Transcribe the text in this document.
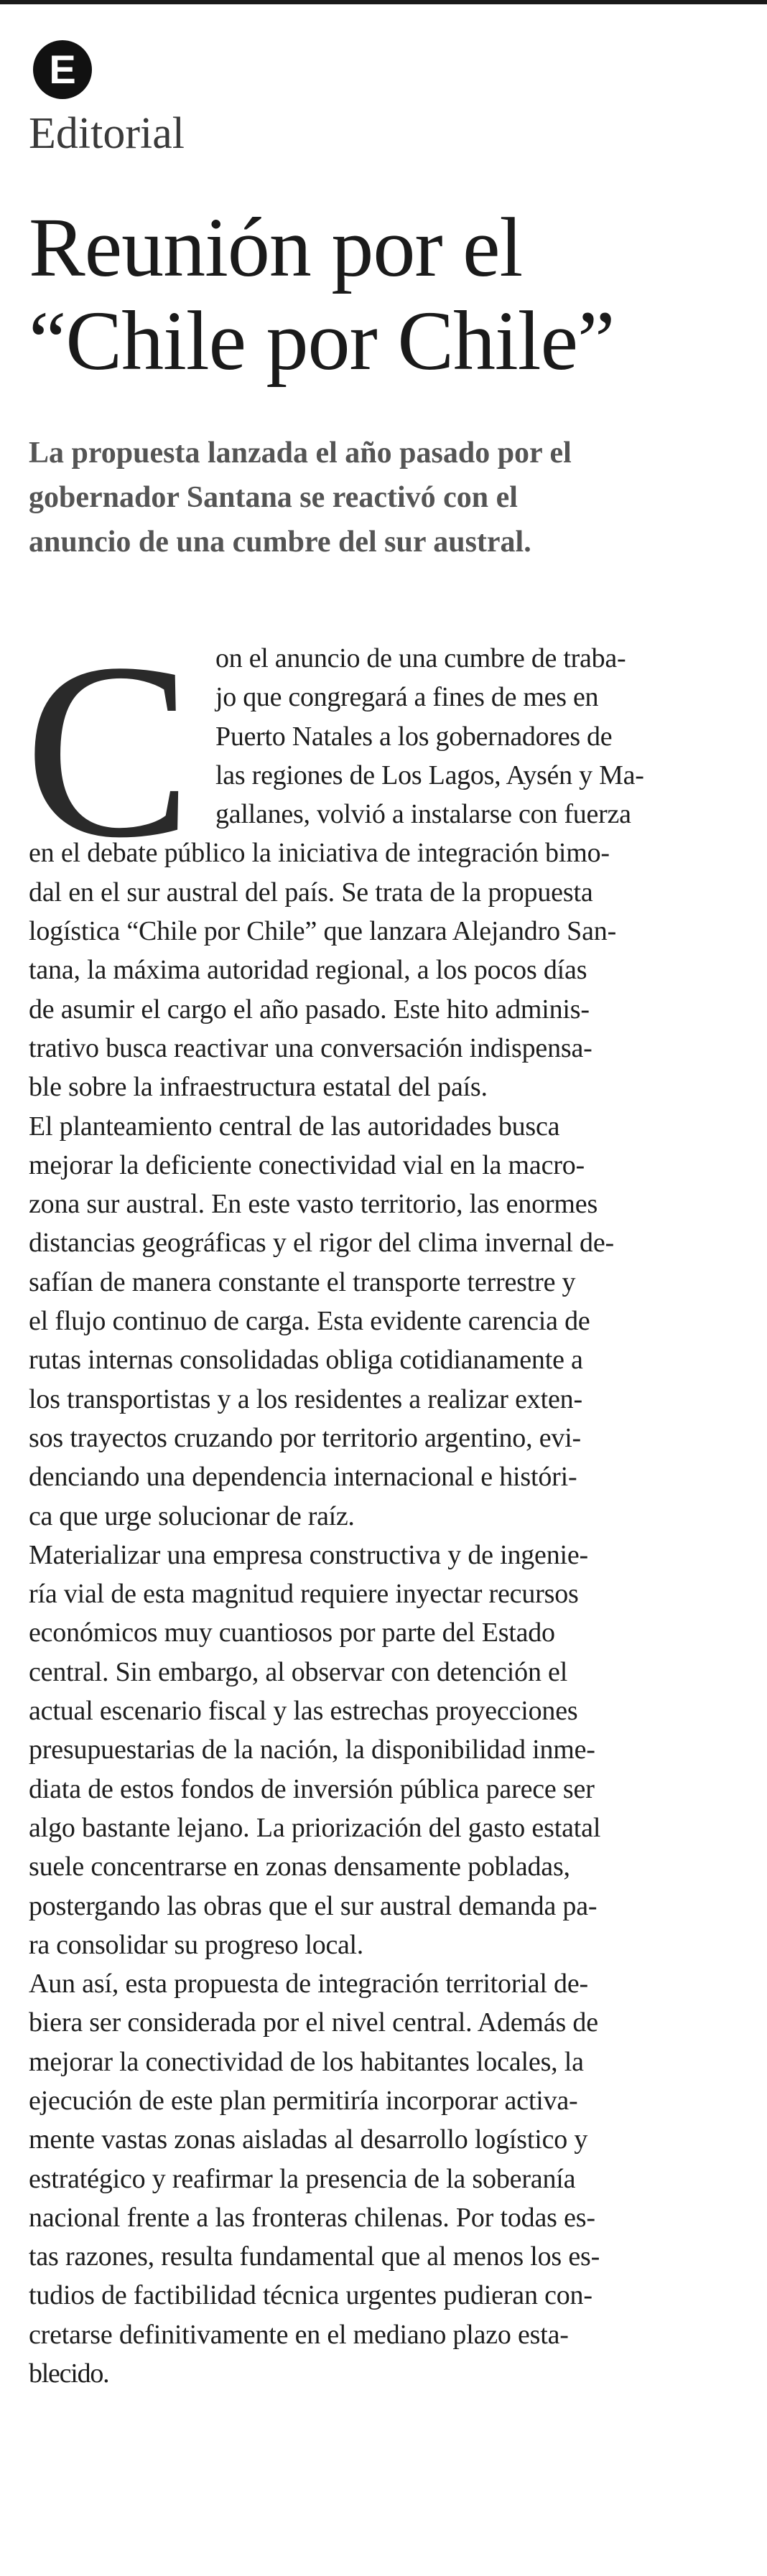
E
Editorial
Reunión por el
“Chile por Chile”
La propuesta lanzada el año pasado por el
gobernador Santana se reactivó con el
anuncio de una cumbre del sur austral.
C on el anuncio de una cumbre de traba-
jo que congregará a fines de mes en
Puerto Natales a los gobernadores de
las regiones de Los Lagos, Aysén y Ma-
gallanes, volvió a instalarse con fuerza
en el debate público la iniciativa de integración bimo-
dal en el sur austral del país. Se trata de la propuesta
logística “Chile por Chile” que lanzara Alejandro San-
tana, la máxima autoridad regional, a los pocos días
de asumir el cargo el año pasado. Este hito adminis-
trativo busca reactivar una conversación indispensa-
ble sobre la infraestructura estatal del país.
El planteamiento central de las autoridades busca
mejorar la deficiente conectividad vial en la macro-
zona sur austral. En este vasto territorio, las enormes
distancias geográficas y el rigor del clima invernal de-
safían de manera constante el transporte terrestre y
el flujo continuo de carga. Esta evidente carencia de
rutas internas consolidadas obliga cotidianamente a
los transportistas y a los residentes a realizar exten-
sos trayectos cruzando por territorio argentino, evi-
denciando una dependencia internacional e históri-
ca que urge solucionar de raíz.
Materializar una empresa constructiva y de ingenie-
ría vial de esta magnitud requiere inyectar recursos
económicos muy cuantiosos por parte del Estado
central. Sin embargo, al observar con detención el
actual escenario fiscal y las estrechas proyecciones
presupuestarias de la nación, la disponibilidad inme-
diata de estos fondos de inversión pública parece ser
algo bastante lejano. La priorización del gasto estatal
suele concentrarse en zonas densamente pobladas,
postergando las obras que el sur austral demanda pa-
ra consolidar su progreso local.
Aun así, esta propuesta de integración territorial de-
biera ser considerada por el nivel central. Además de
mejorar la conectividad de los habitantes locales, la
ejecución de este plan permitiría incorporar activa-
mente vastas zonas aisladas al desarrollo logístico y
estratégico y reafirmar la presencia de la soberanía
nacional frente a las fronteras chilenas. Por todas es-
tas razones, resulta fundamental que al menos los es-
tudios de factibilidad técnica urgentes pudieran con-
cretarse definitivamente en el mediano plazo esta-
blecido.
